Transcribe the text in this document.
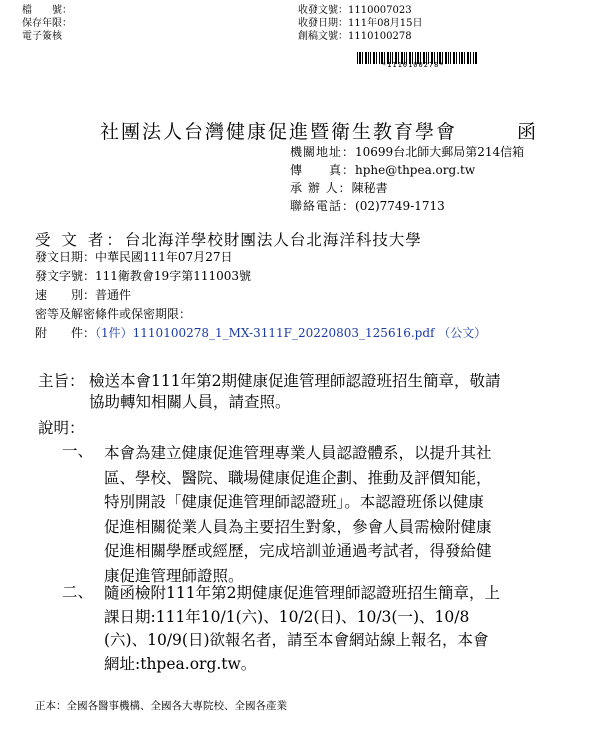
檔　　號：
保存年限：
電子簽核
收發文號：1110007023
收發日期：111年08月15日
創稿文號：1110100278
*1110100278*
社團法人台灣健康促進暨衛生教育學會	函
機關地址：10699台北師大郵局第214信箱
傳　　真：hphe@thpea.org.tw
承 辦 人：陳秘書
聯絡電話：(02)7749-1713
受 文 者：台北海洋學校財團法人台北海洋科技大學
發文日期：中華民國111年07月27日
發文字號：111衛教會19字第111003號
速　　別：普通件
密等及解密條件或保密期限：
附　　件：（1件）1110100278_1_MX-3111F_20220803_125616.pdf （公文）
主旨： 檢送本會111年第2期健康促進管理師認證班招生簡章，敬請
協助轉知相關人員，請查照。
說明：
一、 本會為建立健康促進管理專業人員認證體系，以提升其社
區、學校、醫院、職場健康促進企劃、推動及評價知能，
特別開設「健康促進管理師認證班」。本認證班係以健康
促進相關從業人員為主要招生對象，參會人員需檢附健康
促進相關學歷或經歷，完成培訓並通過考試者，得發給健
康促進管理師證照。
二、 隨函檢附111年第2期健康促進管理師認證班招生簡章，上
課日期:111年10/1(六)、10/2(日)、10/3(一)、10/8
(六)、10/9(日)欲報名者，請至本會網站線上報名，本會
網址:thpea.org.tw。
正本：全國各醫事機構、全國各大專院校、全國各產業
